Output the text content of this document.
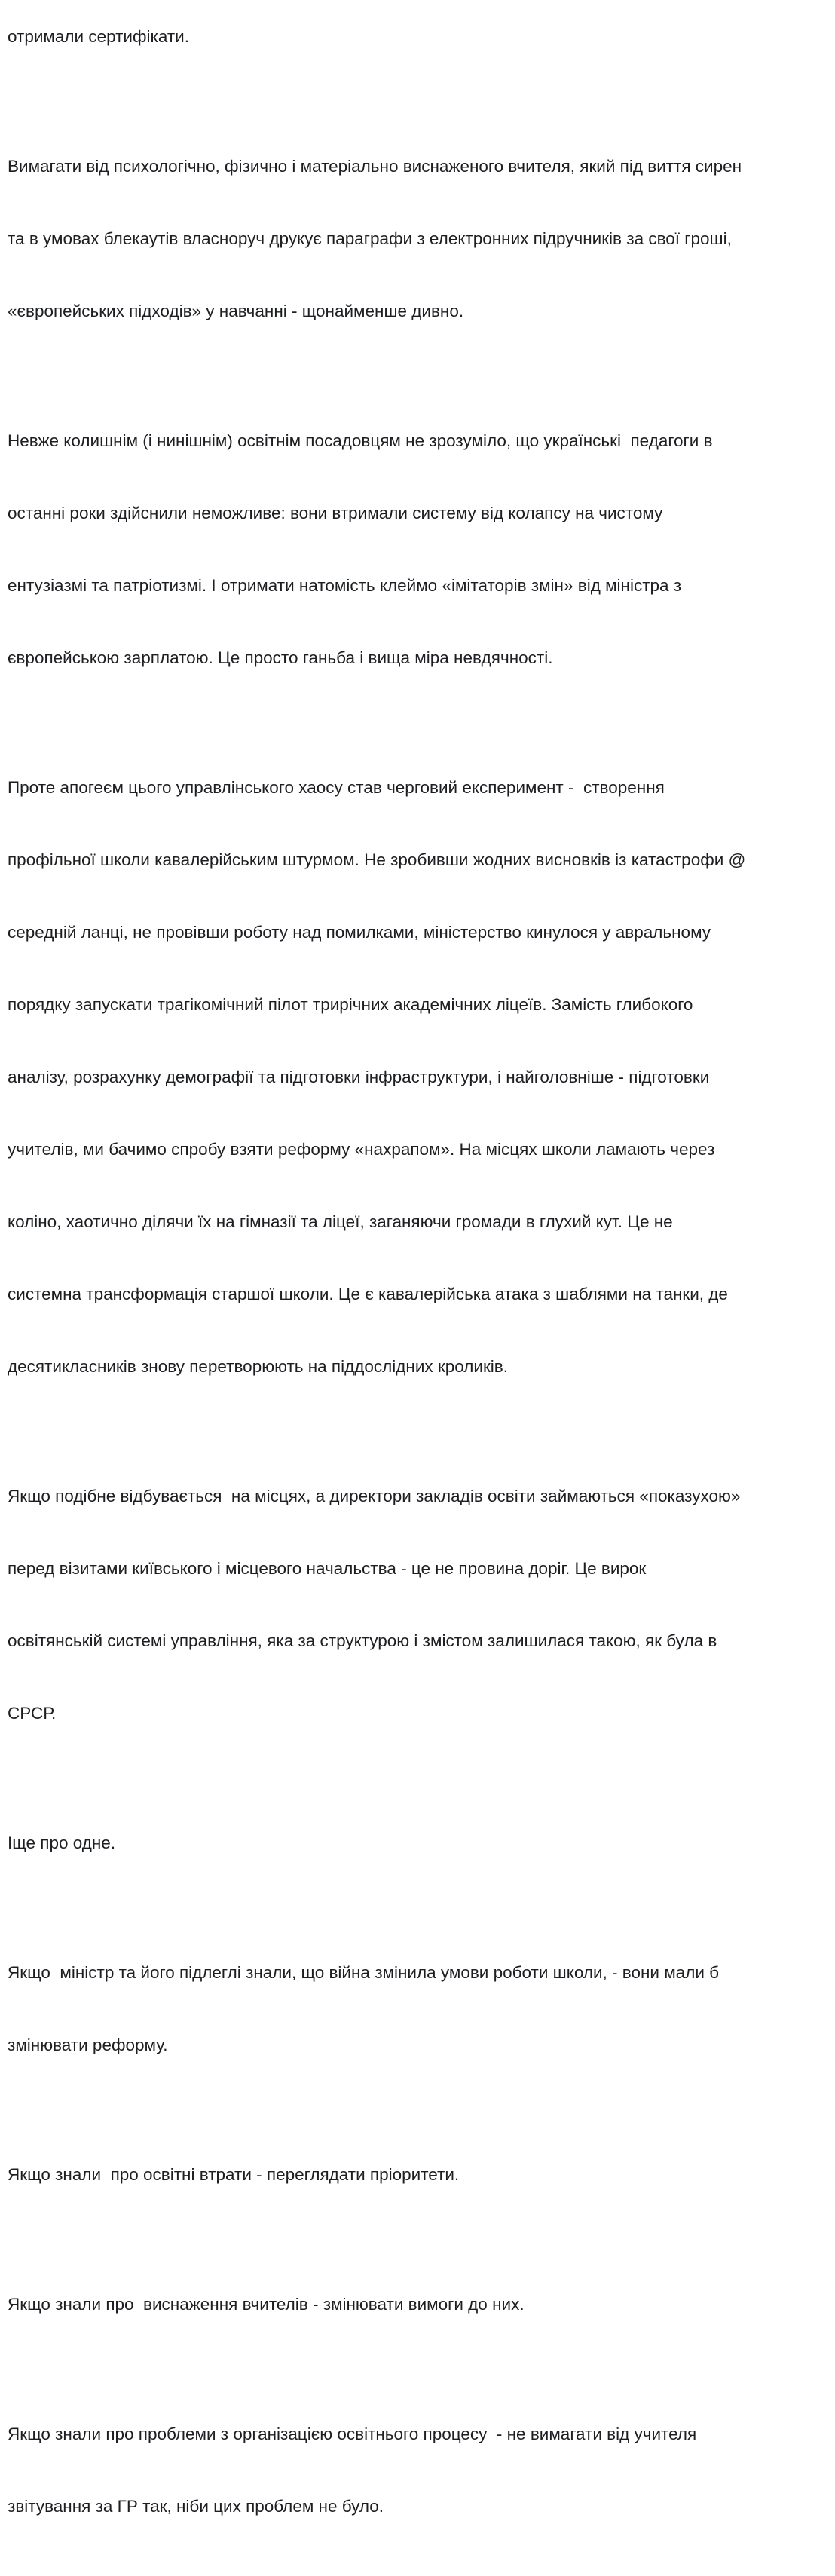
отримали сертифікати.

Вимагати від психологічно, фізично і матеріально виснаженого вчителя, який під виття сирен

та в умовах блекаутів власноруч друкує параграфи з електронних підручників за свої гроші,

«європейських підходів» у навчанні - щонайменше дивно.

Невже колишнім (і нинішнім) освітнім посадовцям не зрозуміло, що українські  педагоги в

останні роки здійснили неможливе: вони втримали систему від колапсу на чистому

ентузіазмі та патріотизмі. І отримати натомість клеймо «імітаторів змін» від міністра з

європейською зарплатою. Це просто ганьба і вища міра невдячності.

Проте апогеєм цього управлінського хаосу став черговий експеримент -  створення

профільної школи кавалерійським штурмом. Не зробивши жодних висновків із катастрофи @

середній ланці, не провівши роботу над помилками, міністерство кинулося у авральному

порядку запускати трагікомічний пілот трирічних академічних ліцеїв. Замість глибокого

аналізу, розрахунку демографії та підготовки інфраструктури, і найголовніше - підготовки

учителів, ми бачимо спробу взяти реформу «нахрапом». На місцях школи ламають через

коліно, хаотично ділячи їх на гімназії та ліцеї, заганяючи громади в глухий кут. Це не

системна трансформація старшої школи. Це є кавалерійська атака з шаблями на танки, де

десятикласників знову перетворюють на піддослідних кроликів.

Якщо подібне відбувається  на місцях, а директори закладів освіти займаються «показухою»

перед візитами київського і місцевого начальства - це не провина доріг. Це вирок

освітянській системі управління, яка за структурою і змістом залишилася такою, як була в

СРСР.

Іще про одне.

Якщо  міністр та його підлеглі знали, що війна змінила умови роботи школи, - вони мали б

змінювати реформу.

Якщо знали  про освітні втрати - переглядати пріоритети.

Якщо знали про  виснаження вчителів - змінювати вимоги до них.

Якщо знали про проблеми з організацією освітнього процесу  - не вимагати від учителя

звітування за ГР так, ніби цих проблем не було.
